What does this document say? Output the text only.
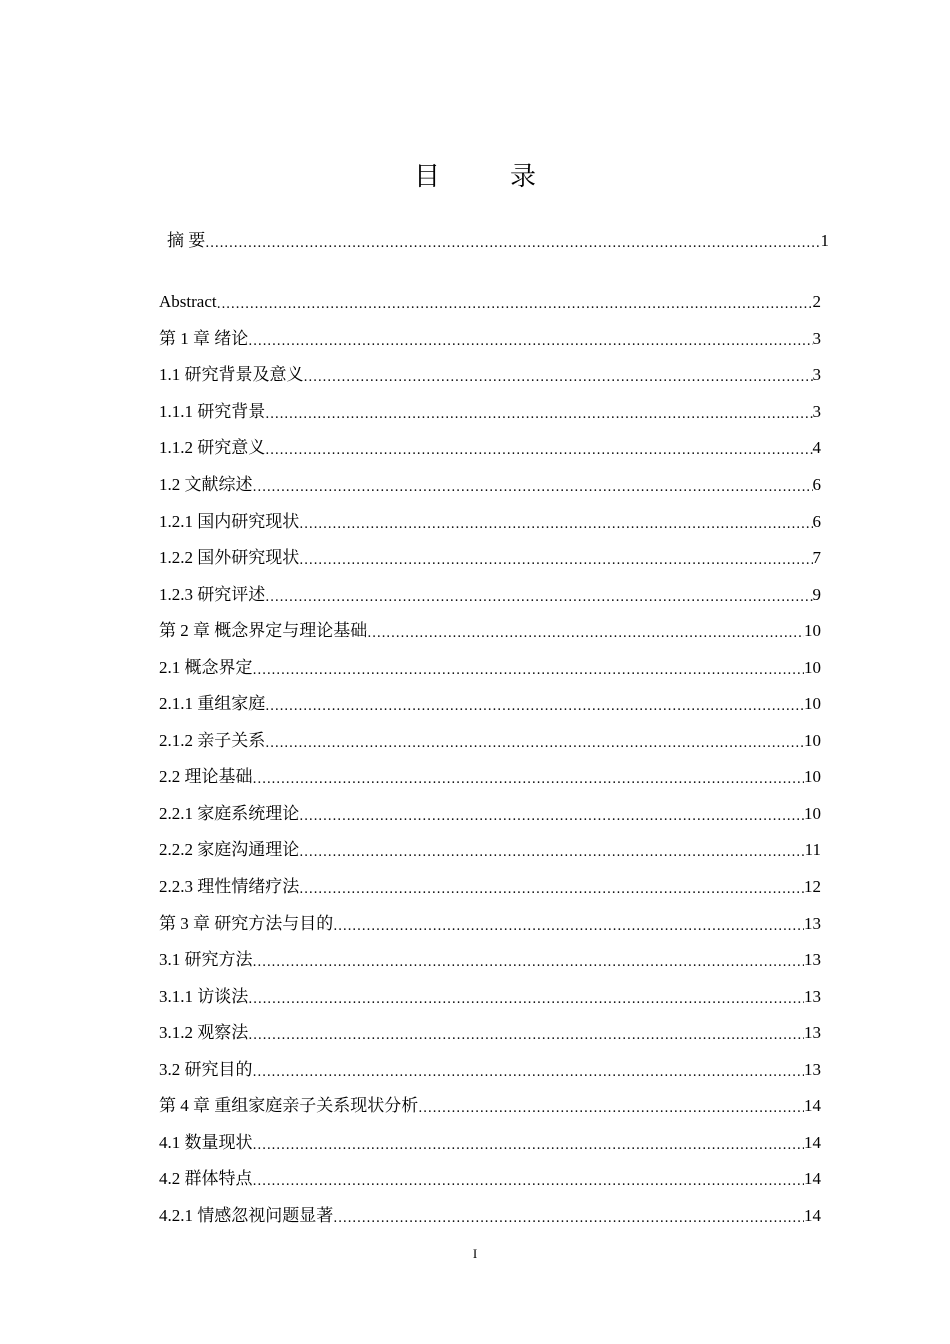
目　录
摘 要 .....	1
Abstract .....	2
第 1 章 绪论 .....	3
1.1 研究背景及意义 .....	3
1.1.1 研究背景 .....	3
1.1.2 研究意义 .....	4
1.2 文献综述 .....	6
1.2.1 国内研究现状 .....	6
1.2.2 国外研究现状 .....	7
1.2.3 研究评述 .....	9
第 2 章 概念界定与理论基础 .....	10
2.1 概念界定 .....	10
2.1.1 重组家庭 .....	10
2.1.2 亲子关系 .....	10
2.2 理论基础 .....	10
2.2.1 家庭系统理论 .....	10
2.2.2 家庭沟通理论 .....	11
2.2.3 理性情绪疗法 .....	12
第 3 章 研究方法与目的 .....	13
3.1 研究方法 .....	13
3.1.1 访谈法 .....	13
3.1.2 观察法 .....	13
3.2 研究目的 .....	13
第 4 章 重组家庭亲子关系现状分析 .....	14
4.1 数量现状 .....	14
4.2 群体特点 .....	14
4.2.1 情感忽视问题显著 .....	14
I
